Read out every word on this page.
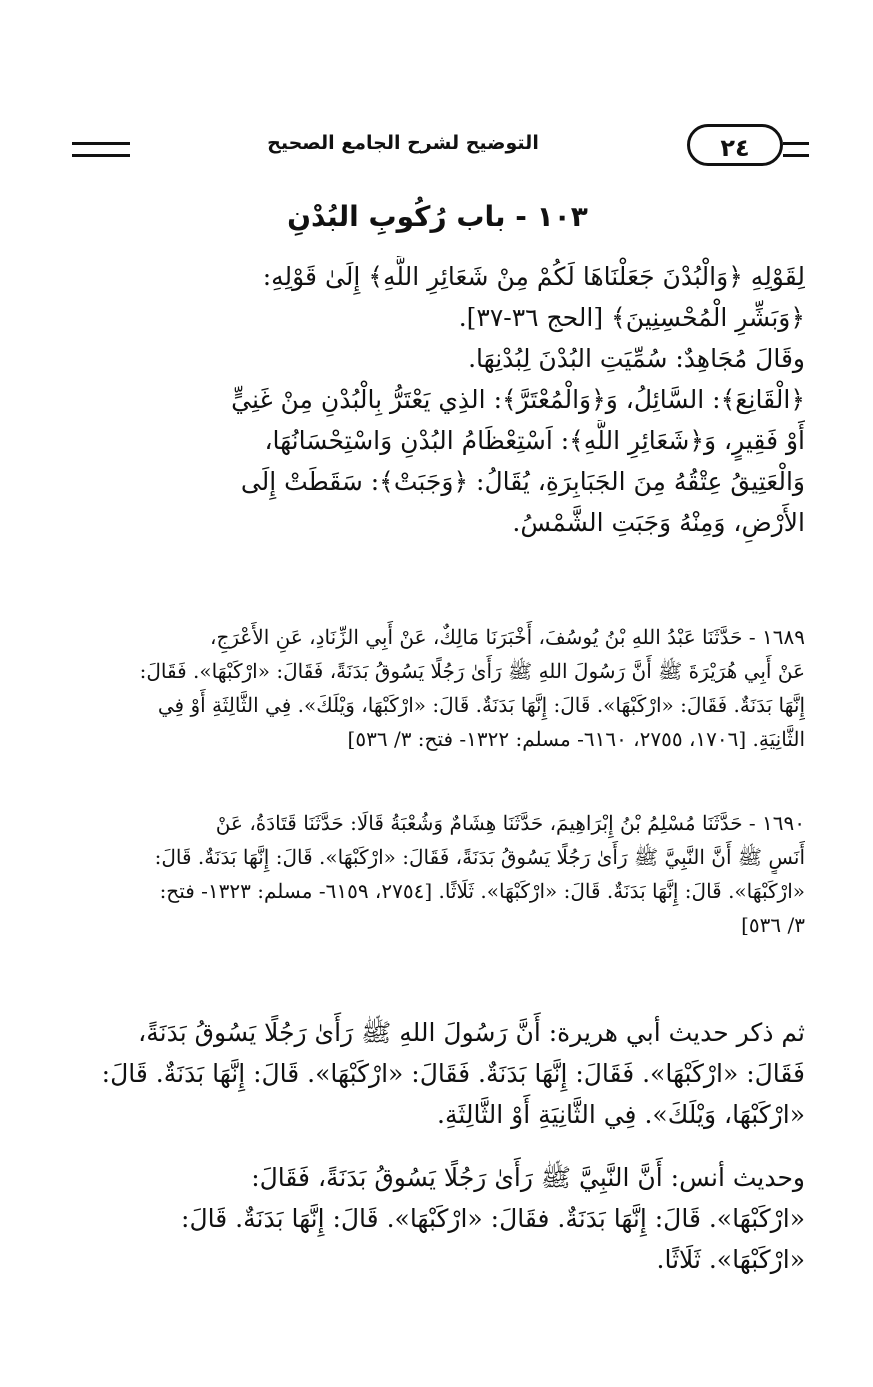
التوضيح لشرح الجامع الصحيح	٢٤
١٠٣ - باب رُكُوبِ البُدْنِ
لِقَوْلِهِ ﴿وَالْبُدْنَ جَعَلْنَاهَا لَكُمْ مِنْ شَعَائِرِ اللَّهِ﴾ إِلَىٰ قَوْلِهِ:
﴿وَبَشِّرِ الْمُحْسِنِينَ﴾ [الحج ٣٦-٣٧].
وقَالَ مُجَاهِدٌ: سُمِّيَتِ البُدْنَ لِبُدْنِهَا.
﴿الْقَانِعَ﴾: السَّائِلُ، وَ﴿وَالْمُعْتَرَّ﴾: الذِي يَعْتَرُّ بِالْبُدْنِ مِنْ غَنِيٍّ
أَوْ فَقِيرٍ، وَ﴿شَعَائِرِ اللَّهِ﴾: اَسْتِعْظَامُ البُدْنِ وَاسْتِحْسَانُهَا،
وَالْعَتِيقُ عِتْقُهُ مِنَ الجَبَابِرَةِ، يُقَالُ: ﴿وَجَبَتْ﴾: سَقَطَتْ إِلَى
الأَرْضِ، وَمِنْهُ وَجَبَتِ الشَّمْسُ.
١٦٨٩ - حَدَّثَنَا عَبْدُ اللهِ بْنُ يُوسُفَ، أَخْبَرَنَا مَالِكٌ، عَنْ أَبِي الزِّنَادِ، عَنِ الأَعْرَجِ،
عَنْ أَبِي هُرَيْرَةَ ﷺ أَنَّ رَسُولَ اللهِ ﷺ رَأَىٰ رَجُلًا يَسُوقُ بَدَنَةً، فَقَالَ: «ارْكَبْهَا». فَقَالَ:
إِنَّهَا بَدَنَةٌ. فَقَالَ: «ارْكَبْهَا». قَالَ: إِنَّهَا بَدَنَةٌ. قَالَ: «ارْكَبْهَا، وَيْلَكَ». فِي الثَّالِثَةِ أَوْ فِي
الثَّانِيَةِ. [١٧٠٦، ٢٧٥٥، ٦١٦٠- مسلم: ١٣٢٢- فتح: ٣/ ٥٣٦]
١٦٩٠ - حَدَّثَنَا مُسْلِمُ بْنُ إِبْرَاهِيمَ، حَدَّثَنَا هِشَامٌ وَشُعْبَةُ قَالَا: حَدَّثَنَا قَتَادَةُ، عَنْ
أَنَسٍ ﷺ أَنَّ النَّبِيَّ ﷺ رَأَىٰ رَجُلًا يَسُوقُ بَدَنَةً، فَقَالَ: «ارْكَبْهَا». قَالَ: إِنَّهَا بَدَنَةٌ. قَالَ:
«ارْكَبْهَا». قَالَ: إِنَّهَا بَدَنَةٌ. قَالَ: «ارْكَبْهَا». ثَلَاثًا. [٢٧٥٤، ٦١٥٩- مسلم: ١٣٢٣- فتح:
٣/ ٥٣٦]
ثم ذكر حديث أبي هريرة: أَنَّ رَسُولَ اللهِ ﷺ رَأَىٰ رَجُلًا يَسُوقُ بَدَنَةً،
فَقَالَ: «ارْكَبْهَا». فَقَالَ: إِنَّهَا بَدَنَةٌ. فَقَالَ: «ارْكَبْهَا». قَالَ: إِنَّهَا بَدَنَةٌ. قَالَ:
«ارْكَبْهَا، وَيْلَكَ». فِي الثَّانِيَةِ أَوْ الثَّالِثَةِ.
وحديث أنس: أَنَّ النَّبِيَّ ﷺ رَأَىٰ رَجُلًا يَسُوقُ بَدَنَةً، فَقَالَ:
«ارْكَبْهَا». قَالَ: إِنَّهَا بَدَنَةٌ. فقَالَ: «ارْكَبْهَا». قَالَ: إِنَّهَا بَدَنَةٌ. قَالَ:
«ارْكَبْهَا». ثَلَاثًا.
